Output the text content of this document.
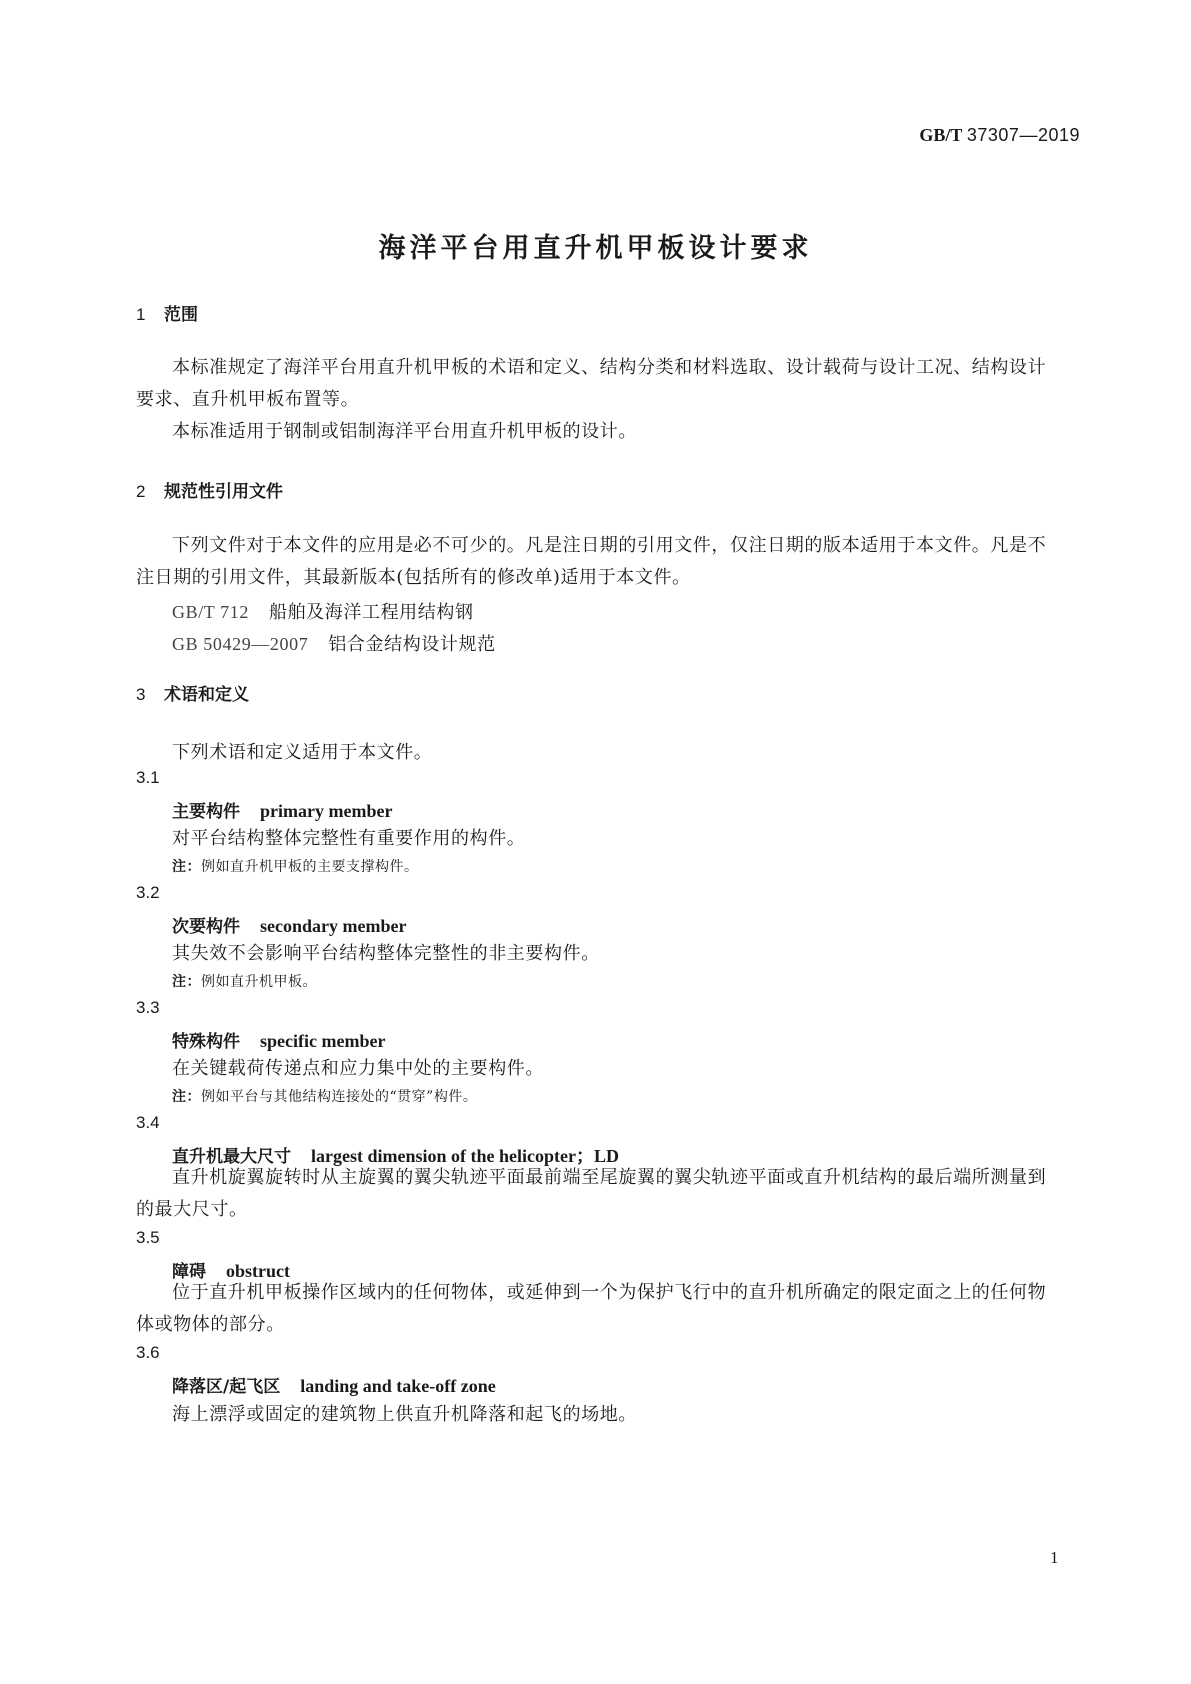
GB/T 37307—2019
海洋平台用直升机甲板设计要求
1 范围
本标准规定了海洋平台用直升机甲板的术语和定义、结构分类和材料选取、设计载荷与设计工况、结构设计要求、直升机甲板布置等。
本标准适用于钢制或铝制海洋平台用直升机甲板的设计。
2 规范性引用文件
下列文件对于本文件的应用是必不可少的。凡是注日期的引用文件，仅注日期的版本适用于本文件。凡是不注日期的引用文件，其最新版本(包括所有的修改单)适用于本文件。
GB/T 712 船舶及海洋工程用结构钢
GB 50429—2007 铝合金结构设计规范
3 术语和定义
下列术语和定义适用于本文件。
3.1
主要构件 primary member
对平台结构整体完整性有重要作用的构件。
注：例如直升机甲板的主要支撑构件。
3.2
次要构件 secondary member
其失效不会影响平台结构整体完整性的非主要构件。
注：例如直升机甲板。
3.3
特殊构件 specific member
在关键载荷传递点和应力集中处的主要构件。
注：例如平台与其他结构连接处的“贯穿”构件。
3.4
直升机最大尺寸 largest dimension of the helicopter；LD
直升机旋翼旋转时从主旋翼的翼尖轨迹平面最前端至尾旋翼的翼尖轨迹平面或直升机结构的最后端所测量到的最大尺寸。
3.5
障碍 obstruct
位于直升机甲板操作区域内的任何物体，或延伸到一个为保护飞行中的直升机所确定的限定面之上的任何物体或物体的部分。
3.6
降落区/起飞区 landing and take-off zone
海上漂浮或固定的建筑物上供直升机降落和起飞的场地。
1
